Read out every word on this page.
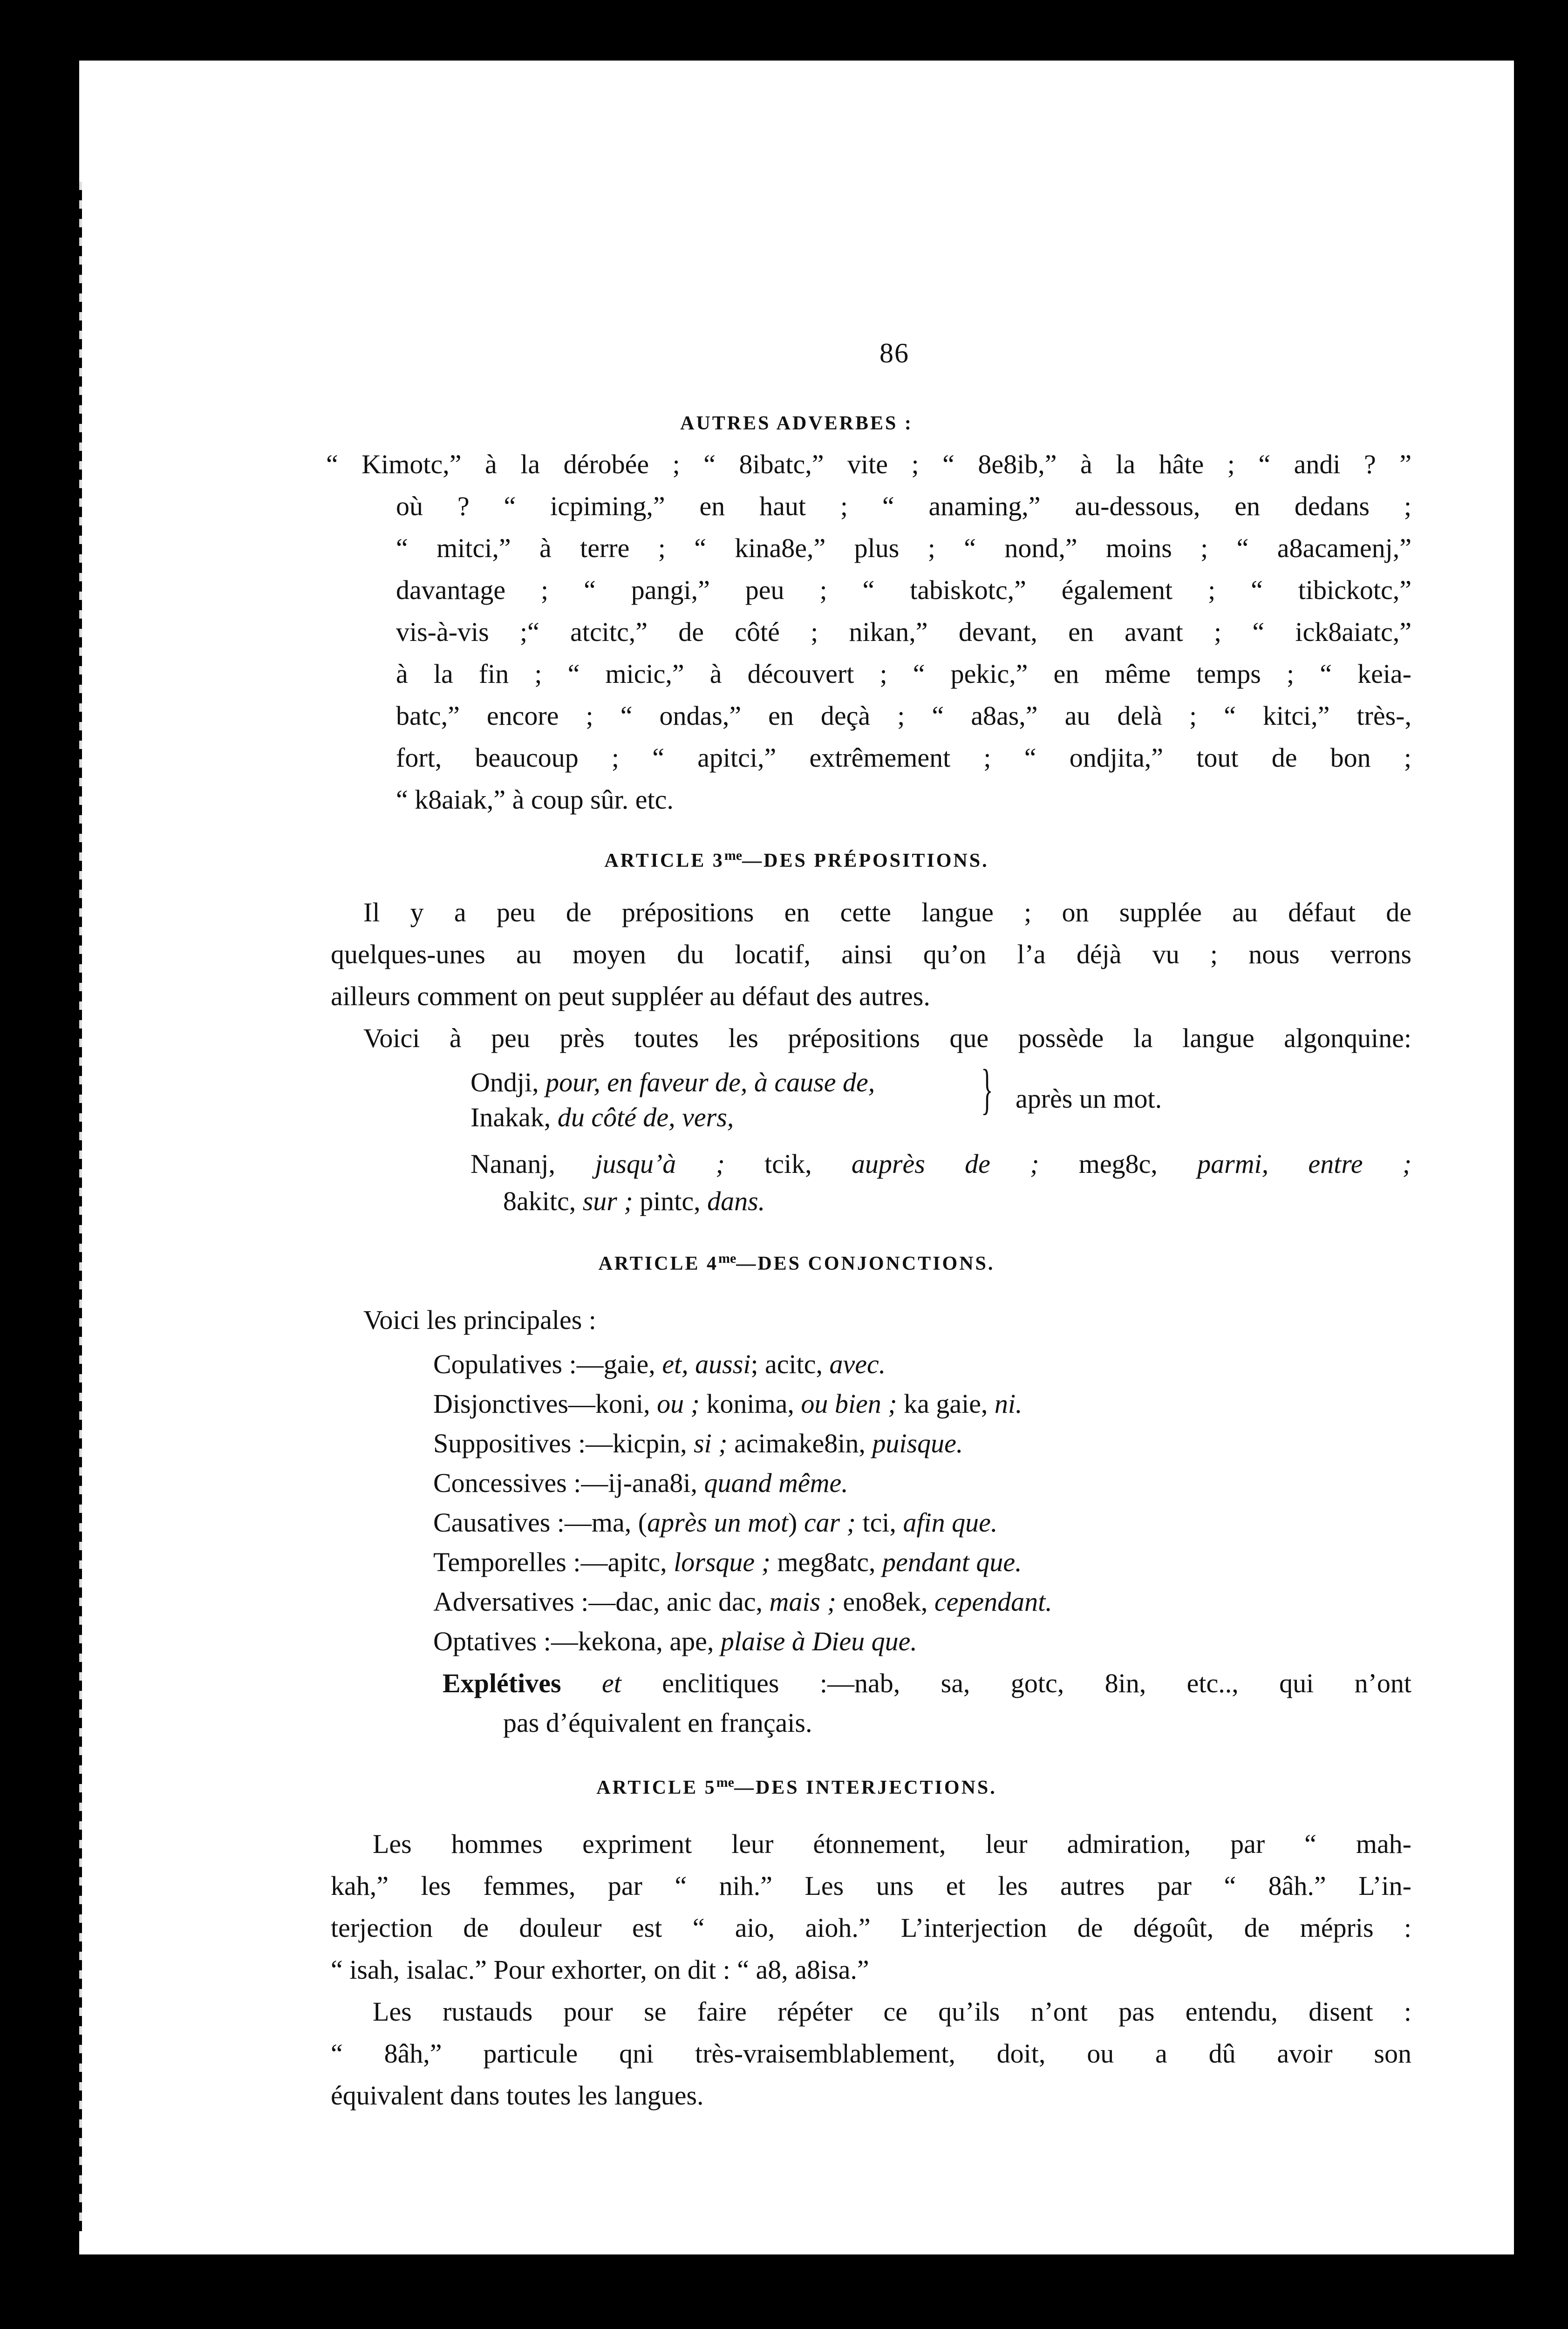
86
AUTRES ADVERBES :
“ Kimotc,” à la dérobée ; “ 8ibatc,” vite ; “ 8e8ib,” à la hâte ; “ andi ? ”
où ? “ icpiming,” en haut ; “ anaming,” au-dessous, en dedans ;
“ mitci,” à terre ; “ kina8e,” plus ; “ nond,” moins ; “ a8acamenj,”
davantage ; “ pangi,” peu ; “ tabiskotc,” également ; “ tibickotc,”
vis-à-vis ;“ atcitc,” de côté ; nikan,” devant, en avant ; “ ick8aiatc,”
à la fin ; “ micic,” à découvert ; “ pekic,” en même temps ; “ keia-
batc,” encore ; “ ondas,” en deçà ; “ a8as,” au delà ; “ kitci,” très-,
fort, beaucoup ; “ apitci,” extrêmement ; “ ondjita,” tout de bon ;
“ k8aiak,” à coup sûr. etc.
ARTICLE $3^{me}—DES$ PRÉPOSITIONS.
Il y a peu de prépositions en cette langue ; on supplée au défaut de
quelques-unes au moyen du locatif, ainsi qu’on l’a déjà vu ; nous verrons
ailleurs comment on peut suppléer au défaut des autres.
Voici à peu près toutes les prépositions que possède la langue algonquine:
Ondji, pour, en faveur de, à cause de,
Inakak, du côté de, vers,	} après un mot.
Nananj, jusqu’à ; tcik, auprès de ; meg8c, parmi, entre ;
8akitc, sur ; pintc, dans.
ARTICLE $4^{me}—DES$ CONJONCTIONS.
Voici les principales :
Copulatives :—gaie, et, aussi; acitc, avec.
Disjonctives—koni, ou ; konima, ou bien ; ka gaie, ni.
Suppositives :—kicpin, si ; acimake8in, puisque.
Concessives :—ij-ana8i, quand même.
Causatives :—ma, (après un mot) car ; tci, afin que.
Temporelles :—apitc, lorsque ; meg8atc, pendant que.
Adversatives :—dac, anic dac, mais ; eno8ek, cependant.
Optatives :—kekona, ape, plaise à Dieu que.
Explétives et enclitiques :—nab, sa, gotc, 8in, etc.., qui n’ont
pas d’équivalent en français.
ARTICLE $5^{me}—DES$ INTERJECTIONS.
Les hommes expriment leur étonnement, leur admiration, par “ mah-
kah,” les femmes, par “ nih.” Les uns et les autres par “ 8âh.” L’in-
terjection de douleur est “ aio, aioh.” L’interjection de dégoût, de mépris :
“ isah, isalac.” Pour exhorter, on dit : “ a8, a8isa.”
Les rustauds pour se faire répéter ce qu’ils n’ont pas entendu, disent :
“ 8âh,” particule qni très-vraisemblablement, doit, ou a dû avoir son
équivalent dans toutes les langues.
